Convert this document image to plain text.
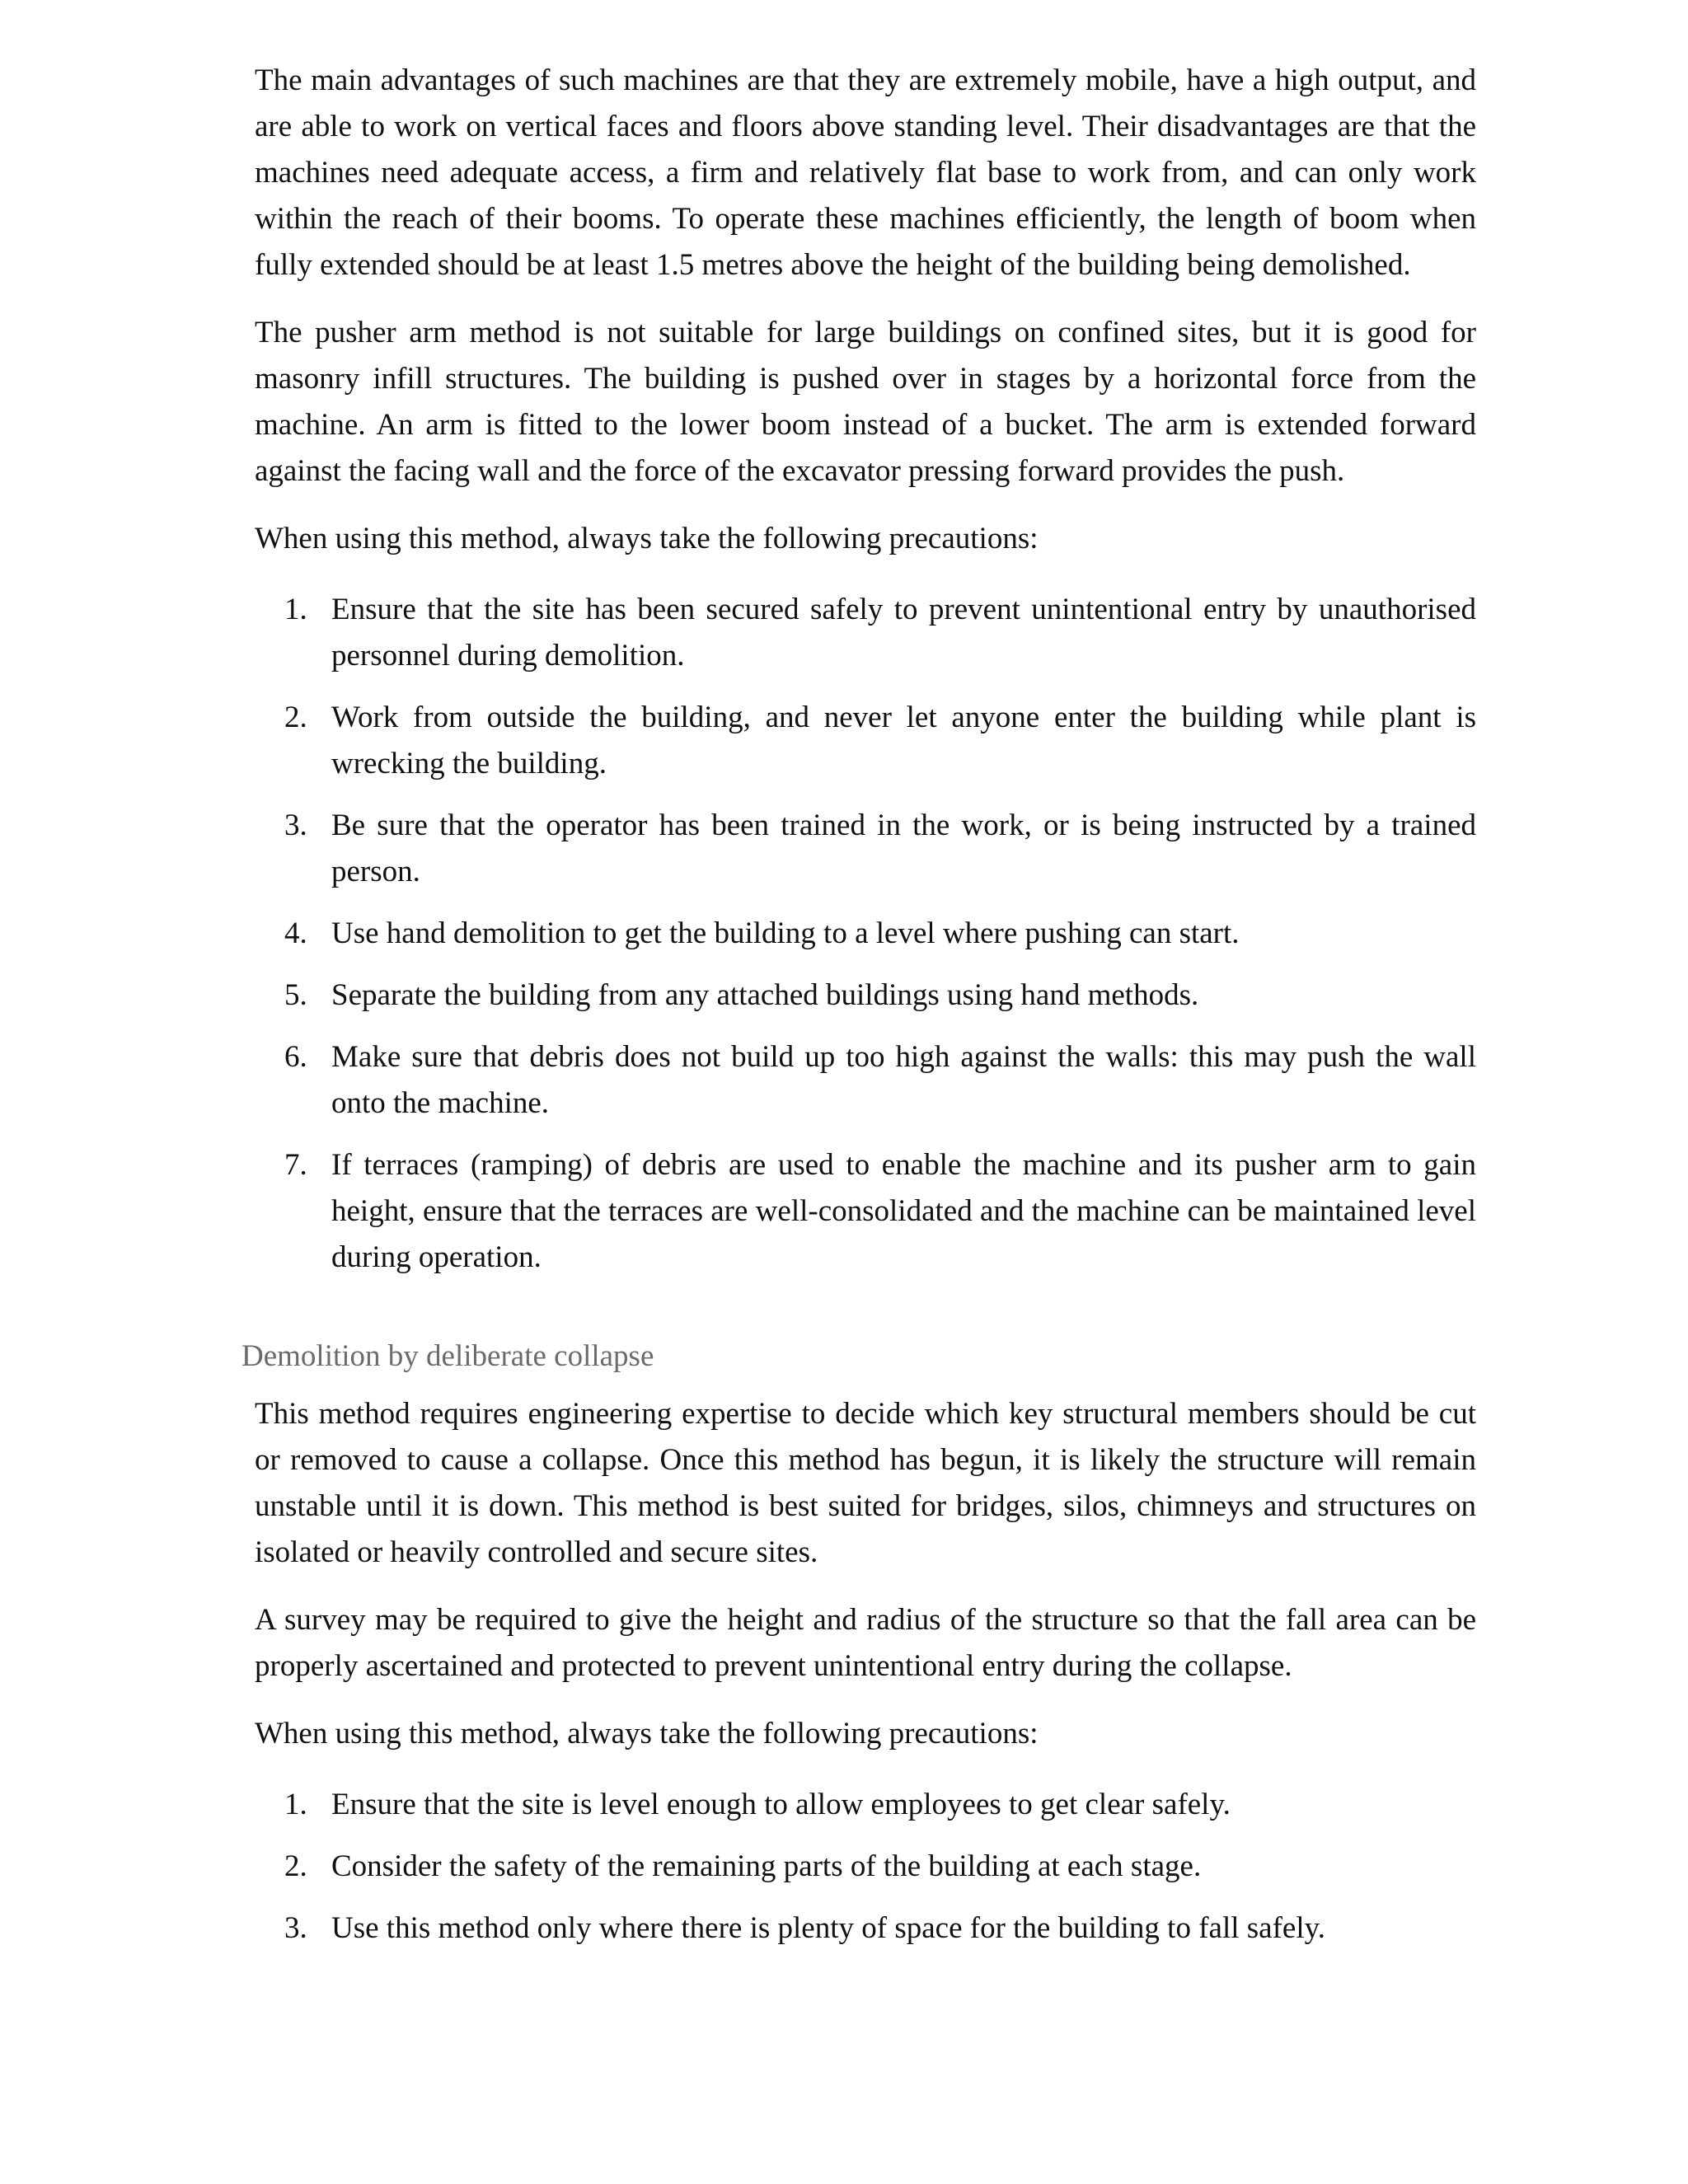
The main advantages of such machines are that they are extremely mobile, have a high output, and are able to work on vertical faces and floors above standing level. Their disadvantages are that the machines need adequate access, a firm and relatively flat base to work from, and can only work within the reach of their booms. To operate these machines efficiently, the length of boom when fully extended should be at least 1.5 metres above the height of the building being demolished.

The pusher arm method is not suitable for large buildings on confined sites, but it is good for masonry infill structures. The building is pushed over in stages by a horizontal force from the machine. An arm is fitted to the lower boom instead of a bucket. The arm is extended forward against the facing wall and the force of the excavator pressing forward provides the push.

When using this method, always take the following precautions:

1. Ensure that the site has been secured safely to prevent unintentional entry by unauthorised personnel during demolition.
2. Work from outside the building, and never let anyone enter the building while plant is wrecking the building.
3. Be sure that the operator has been trained in the work, or is being instructed by a trained person.
4. Use hand demolition to get the building to a level where pushing can start.
5. Separate the building from any attached buildings using hand methods.
6. Make sure that debris does not build up too high against the walls: this may push the wall onto the machine.
7. If terraces (ramping) of debris are used to enable the machine and its pusher arm to gain height, ensure that the terraces are well-consolidated and the machine can be maintained level during operation.
Demolition by deliberate collapse

This method requires engineering expertise to decide which key structural members should be cut or removed to cause a collapse. Once this method has begun, it is likely the structure will remain unstable until it is down. This method is best suited for bridges, silos, chimneys and structures on isolated or heavily controlled and secure sites.

A survey may be required to give the height and radius of the structure so that the fall area can be properly ascertained and protected to prevent unintentional entry during the collapse.

When using this method, always take the following precautions:

1. Ensure that the site is level enough to allow employees to get clear safely.
2. Consider the safety of the remaining parts of the building at each stage.
3. Use this method only where there is plenty of space for the building to fall safely.
